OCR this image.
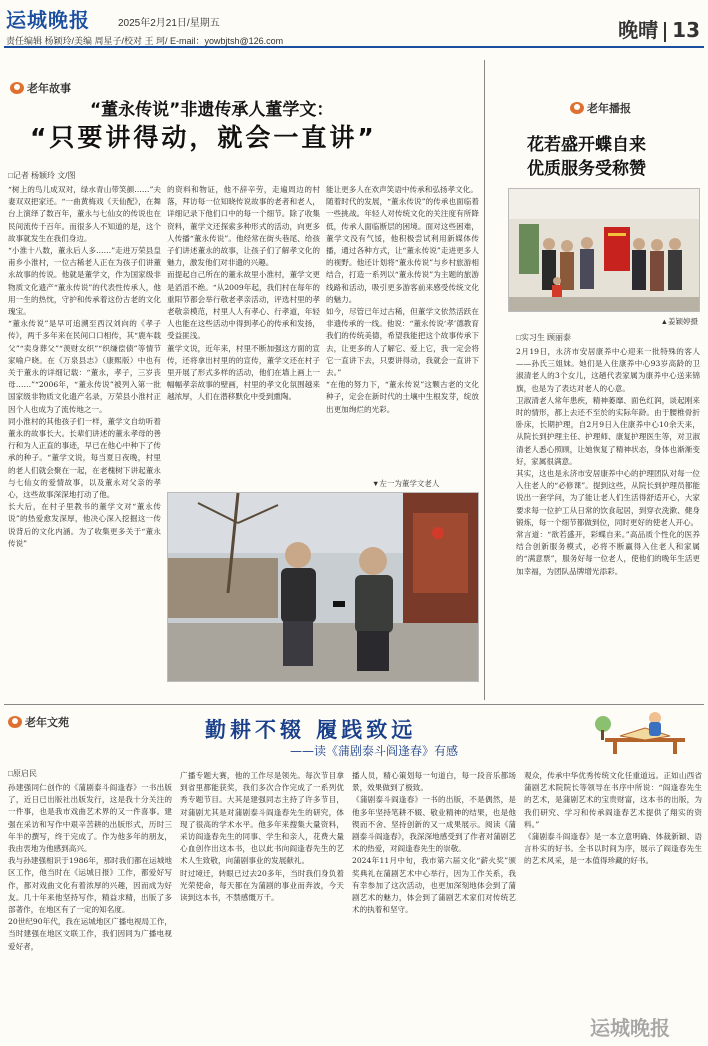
运城晚报	2025年2月21日/星期五	晚晴 13
责任编辑 杨颖玲/美编 周星子/校对 王 珂/ E-mail：yowbjtsh@126.com
老年故事
“董永传说”非遗传承人董学文：
“只要讲得动，就会一直讲”
□记者 杨颖玲 文/图
“树上的鸟儿成双对，绿水青山带笑颜……”夫妻双双把家还。“一曲黄梅戏《天仙配》，在舞台上演绎了数百年，董永与七仙女的传说也在民间流传千百年。而很多人不知道的是，这个故事就发生在我们身边。
“小淮十八数，董永后人多……”走进万荣县皇甫乡小淮村，一位古稀老人正在为孩子们讲董永故事的传说。他就是董学文，作为国家级非物质文化遗产“董永传说”的代表性传承人，他用一生的热忱，守护和传承着这份古老的文化瑰宝。
“董永传说”是早可追溯至西汉刘向的《孝子传》，两千多年来在民间口口相传，其“鹿车载父”“卖身葬父”“羡财女织”“织缣偿债”等情节家喻户晓。在《万泉县志》（康熙版）中也有关于董永的详细记载：“董永，孝子，三岁丧母……”“2006年，“董永传说”被列入第一批国家级非物质文化遗产名录，万荣县小淮村正因个人也成为了流传地之一。
同小淮村的其他孩子们一样，董学文自幼听着董永的故事长大。长辈们讲述的董永孝母的善行和为人正直的事迹，早已在他心中种下了传承的种子。“董学文说，每当夏日夜晚，村里的老人们就会聚在一起，在老槐树下讲起董永与七仙女的爱情故事，以及董永对父亲的孝心，这些故事深深地打动了他。
长大后，在村子里教书的董学文对“董永传说”的热爱愈发深厚，他决心深入挖掘这一传说背后的文化内涵。为了收集更多关于“董永传说”
的资料和物证，他不辞辛劳，走遍周边的村落，拜访每一位知晓传说故事的老者和老人，详细记录下他们口中的每一个细节。除了收集资料，董学文还探索多种形式的活动，向更多人传播“董永传说”。他经常在街头巷尾、给孩子们讲述董永的故事，让孩子们了解孝文化的魅力，激发他们对非遗的兴趣。
而提起自己所在的董永故里小淮村，董学文更是滔滔不绝。“从2009年起，我们村在每年的重阳节都会举行敬老孝亲活动，评选村里的孝老敬亲模范，村里人人有孝心、行孝道，年轻人也能在这些活动中得到孝心的传承和发扬，受益匪浅。
董学文说，近年来，村里不断加强这方面的宣传，还将拿出村里的的宣传，董学文还在村子里开展了形式多样的活动，他们在墙上画上一幅幅孝亲故事的壁画，村里的孝文化氛围越来越浓厚，人们在潜移默化中受到熏陶。
能让更多人在欢声笑语中传承和弘扬孝文化。
随着时代的发展，“董永传说”的传承也面临着一些挑战。年轻人对传统文化的关注度有所降低，传承人面临断层的困境。面对这些困难，董学文没有气馁，他积极尝试利用新媒体传播，通过各种方式，让“董永传说”走进更多人的视野。他还计划将“董永传说”与乡村旅游相结合，打造一系列以“董永传说”为主题的旅游线路和活动，吸引更多游客前来感受传统文化的魅力。
如今，尽管已年过古稀，但董学文依然活跃在非遗传承的一线。他说：“董永传说‘孝’德教育我们的传统美德，希望我能把这个故事传承下去，让更多的人了解它、爱上它，我一定会将它一直讲下去，只要讲得动，我就会一直讲下去。”
“在他的努力下，“董永传说”这颗古老的文化种子，定会在新时代的土壤中生根发芽，绽放出更加绚烂的光彩。
▼左一为董学文老人
老年播报
花若盛开蝶自来
优质服务受称赞
▲姜颖婷摄
□实习生 顾丽泰
2月19日，永济市安居康养中心迎来一批特殊的客人——孙氏三姐妹。她们是入住康养中心93岁高龄的卫淑清老人的3个女儿，这趟代表家属为康养中心送来锦旗，也是为了表达对老人的心意。
卫淑清老人常年患疾，精神萎靡、面色红润，谈起刚来时的情形，都上去还不至於的实际年龄。由于腰椎骨折卧床，长期护理，自2月9日入住康养中心10余天来，从院长到护理主任、护理师、康复护理医生等，对卫淑清老人悉心照顾，让她恢复了精神状态，身体也渐渐变好，家属很满意。
其实，这也是永济市安居康养中心的护理团队对每一位入住老人的“必修课”。提到这些，从院长到护理员都能说出一套学问，为了能让老人们生活得舒适开心，大家要求每一位护工从日常的饮食起居，到穿衣洗漱、健身锻炼，每一个细节都做到位，同时更好的使老人开心。
常言道：“欲若盛开，彩蝶自来。”高品质个性化的医养结合创新服务模式，必将不断赢得入住老人和家属的“满意票”，服务好每一位老人，使他们的晚年生活更加幸福，为团队品牌增光添彩。
老年文苑	勤耕不辍 履践致远
——读《蒲剧泰斗阎逢春》有感
□原启民
孙建强同仁创作的《蒲剧泰斗阎逢春》一书出版了，近日已出版社出版发行，这是我十分关注的一件事，也是我市戏曲艺术界的又一件喜事。建强在采访和写作中艰辛苦耕的出版形式，历时三年半的撰写，终于完成了。作为他多年的朋友，我由衷地为他感到高兴。
我与孙建强相识于1986年，那时我们都在运城地区工作，他当时在《运城日报》工作，都爱好写作，都对戏曲文化有着浓厚的兴趣，因而成为好友。几十年来他坚持写作，精益求精，出版了多部著作，在地区有了一定的知名度。
20世纪90年代，我在运城地区广播电视局工作，当时建强在地区文联工作，我们因同为广播电视爱好者，
广播专题大赛，他的工作尽是领先。每次节目拿到省里都能获奖，我们多次合作完成了一系列优秀专题节目。大其是建强同志主持了许多节目，对蒲剧尤其是对蒲剧泰斗阎逢春先生的研究，体现了很高的学术水平。他多年来搜集大量资料，采访阎逢春先生的同事、学生和亲人，花费大量心血创作出这本书，也以此书向阎逢春先生的艺术人生致敬，向蒲剧事业的发展献礼。
时过境迁，转眼已过去20多年，当时我们身负着光荣使命，每天都在为蒲剧的事业而奔波，今天读到这本书，不禁感慨万千。
播人员，精心策划每一句道白，每一段音乐都场景，效果做到了极致。
《蒲剧泰斗阎逢春》一书的出版，不是偶然，是他多年坚持笔耕不辍、敬业精神的结果，也是他锲而不舍、坚持创新的又一成果展示。阅读《蒲剧泰斗阎逢春》，我深深地感受到了作者对蒲剧艺术的热爱，对阎逢春先生的崇敬。
2024年11月中旬，我市第六届文化“薪火奖”颁奖典礼在蒲剧艺术中心举行，因为工作关系，我有幸参加了这次活动，也更加深刻地体会到了蒲剧艺术的魅力，体会到了蒲剧艺术家们对传统艺术的执着和坚守。
观众，传承中华优秀传统文化任重道远。正如山西省蒲剧艺术院院长等领导在书序中所说：“阎逢春先生的艺术，是蒲剧艺术的宝贵财富，这本书的出版，为我们研究、学习和传承阎逢春艺术提供了翔实的资料。”
《蒲剧泰斗阎逢春》是一本立意明确、体裁新颖、语言朴实的好书。全书以时间为序，展示了阎逢春先生的艺术风采，是一本值得珍藏的好书。
运城晚报
